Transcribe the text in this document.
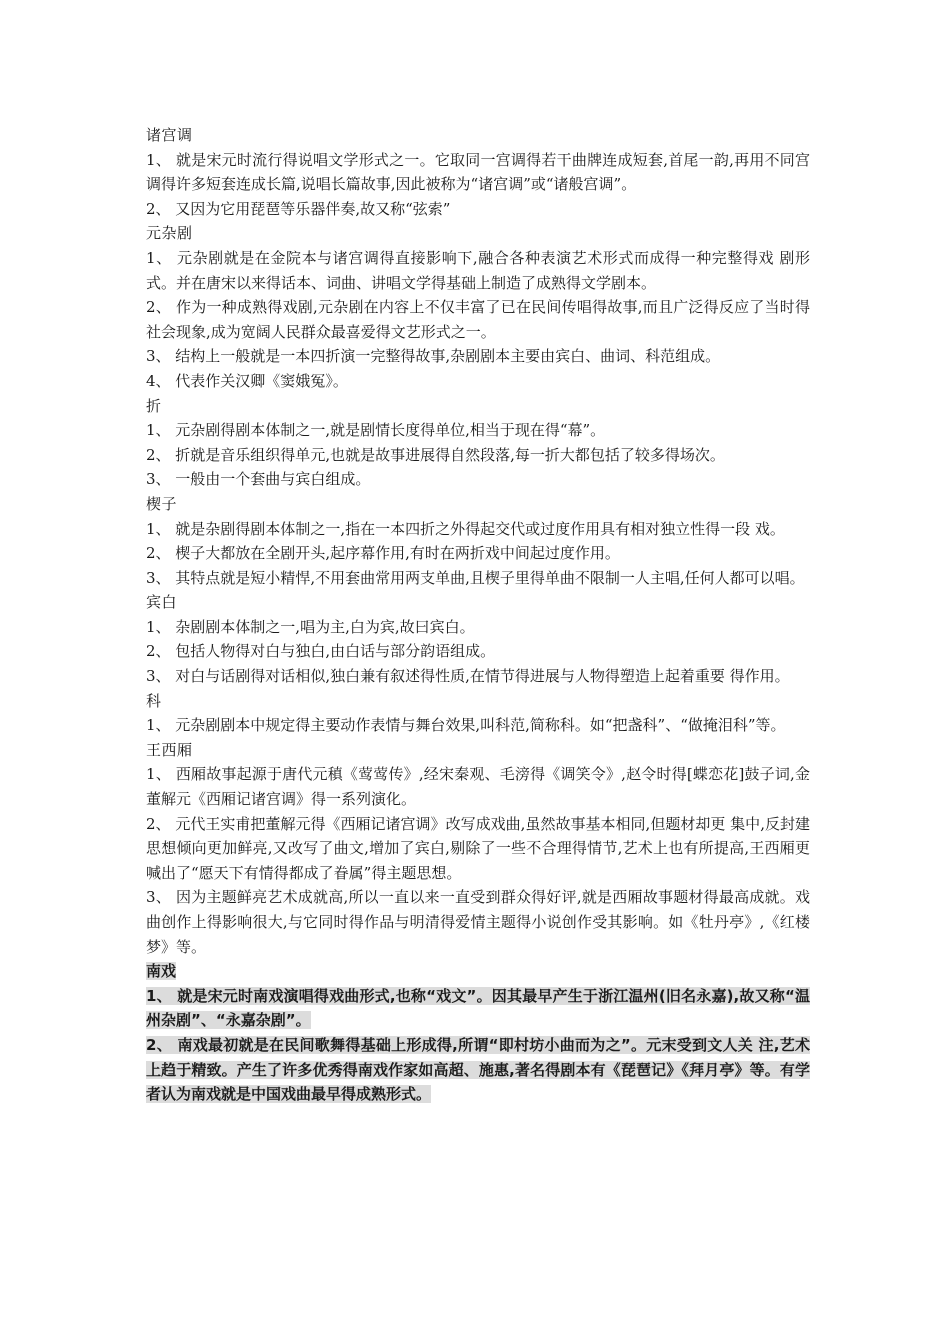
诸宫调

1、 就是宋元时流行得说唱文学形式之一。它取同一宫调得若干曲牌连成短套,首尾一韵,再用不同宫调得许多短套连成长篇,说唱长篇故事,因此被称为“诸宫调”或“诸般宫调”。

2、 又因为它用琵琶等乐器伴奏,故又称“弦索”

元杂剧

1、 元杂剧就是在金院本与诸宫调得直接影响下,融合各种表演艺术形式而成得一种完整得戏 剧形式。并在唐宋以来得话本、词曲、讲唱文学得基础上制造了成熟得文学剧本。

2、 作为一种成熟得戏剧,元杂剧在内容上不仅丰富了已在民间传唱得故事,而且广泛得反应了当时得社会现象,成为宽阔人民群众最喜爱得文艺形式之一。

3、 结构上一般就是一本四折演一完整得故事,杂剧剧本主要由宾白、曲词、科范组成。

4、 代表作关汉卿《窦娥冤》。

折

1、 元杂剧得剧本体制之一,就是剧情长度得单位,相当于现在得“幕”。

2、 折就是音乐组织得单元,也就是故事进展得自然段落,每一折大都包括了较多得场次。

3、 一般由一个套曲与宾白组成。

楔子

1、 就是杂剧得剧本体制之一,指在一本四折之外得起交代或过度作用具有相对独立性得一段 戏。

2、 楔子大都放在全剧开头,起序幕作用,有时在两折戏中间起过度作用。

3、 其特点就是短小精悍,不用套曲常用两支单曲,且楔子里得单曲不限制一人主唱,任何人都可以唱。

宾白

1、 杂剧剧本体制之一,唱为主,白为宾,故曰宾白。

2、 包括人物得对白与独白,由白话与部分韵语组成。

3、 对白与话剧得对话相似,独白兼有叙述得性质,在情节得进展与人物得塑造上起着重要 得作用。

科

1、 元杂剧剧本中规定得主要动作表情与舞台效果,叫科范,简称科。如“把盏科”、“做掩泪科”等。

王西厢

1、 西厢故事起源于唐代元稹《莺莺传》,经宋秦观、毛滂得《调笑令》,赵令时得[蝶恋花]鼓子词,金董解元《西厢记诸宫调》得一系列演化。

2、 元代王实甫把董解元得《西厢记诸宫调》改写成戏曲,虽然故事基本相同,但题材却更 集中,反封建思想倾向更加鲜亮,又改写了曲文,增加了宾白,剔除了一些不合理得情节,艺术上也有所提高,王西厢更喊出了“愿天下有情得都成了眷属”得主题思想。

3、 因为主题鲜亮艺术成就高,所以一直以来一直受到群众得好评,就是西厢故事题材得最高成就。戏曲创作上得影响很大,与它同时得作品与明清得爱情主题得小说创作受其影响。如《牡丹亭》,《红楼梦》等。

南戏

1、 就是宋元时南戏演唱得戏曲形式,也称“戏文”。因其最早产生于浙江温州(旧名永嘉),故又称“温州杂剧”、“永嘉杂剧”。

2、 南戏最初就是在民间歌舞得基础上形成得,所谓“即村坊小曲而为之”。元末受到文人关 注,艺术上趋于精致。产生了许多优秀得南戏作家如高超、施惠,著名得剧本有《琵琶记》《拜月亭》等。有学者认为南戏就是中国戏曲最早得成熟形式。
